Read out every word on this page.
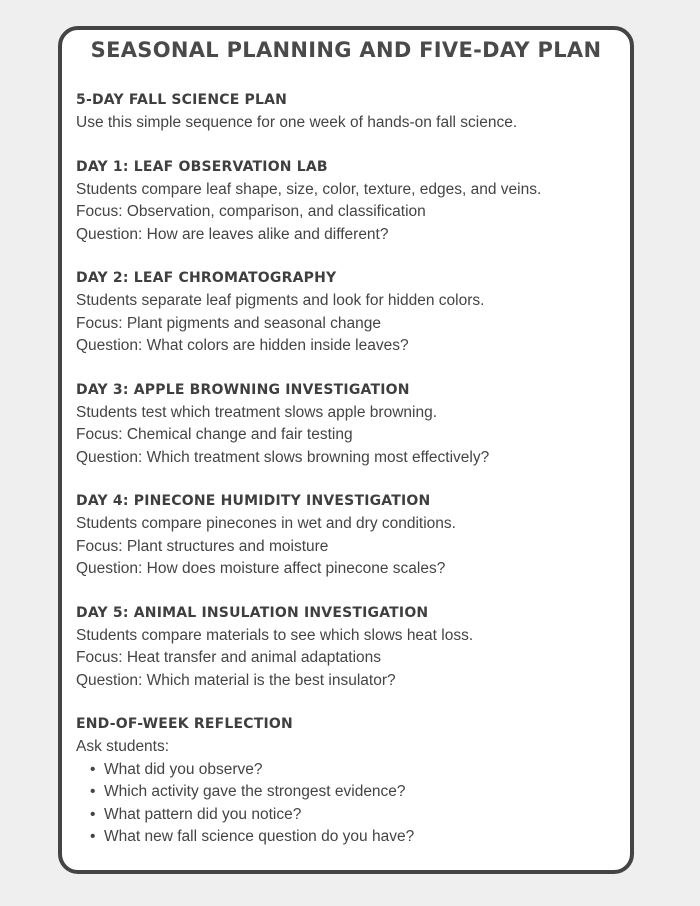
SEASONAL PLANNING AND FIVE-DAY PLAN
5-DAY FALL SCIENCE PLAN
Use this simple sequence for one week of hands-on fall science.
DAY 1: LEAF OBSERVATION LAB
Students compare leaf shape, size, color, texture, edges, and veins.
Focus: Observation, comparison, and classification
Question: How are leaves alike and different?
DAY 2: LEAF CHROMATOGRAPHY
Students separate leaf pigments and look for hidden colors.
Focus: Plant pigments and seasonal change
Question: What colors are hidden inside leaves?
DAY 3: APPLE BROWNING INVESTIGATION
Students test which treatment slows apple browning.
Focus: Chemical change and fair testing
Question: Which treatment slows browning most effectively?
DAY 4: PINECONE HUMIDITY INVESTIGATION
Students compare pinecones in wet and dry conditions.
Focus: Plant structures and moisture
Question: How does moisture affect pinecone scales?
DAY 5: ANIMAL INSULATION INVESTIGATION
Students compare materials to see which slows heat loss.
Focus: Heat transfer and animal adaptations
Question: Which material is the best insulator?
END-OF-WEEK REFLECTION
Ask students:
• What did you observe?
• Which activity gave the strongest evidence?
• What pattern did you notice?
• What new fall science question do you have?
